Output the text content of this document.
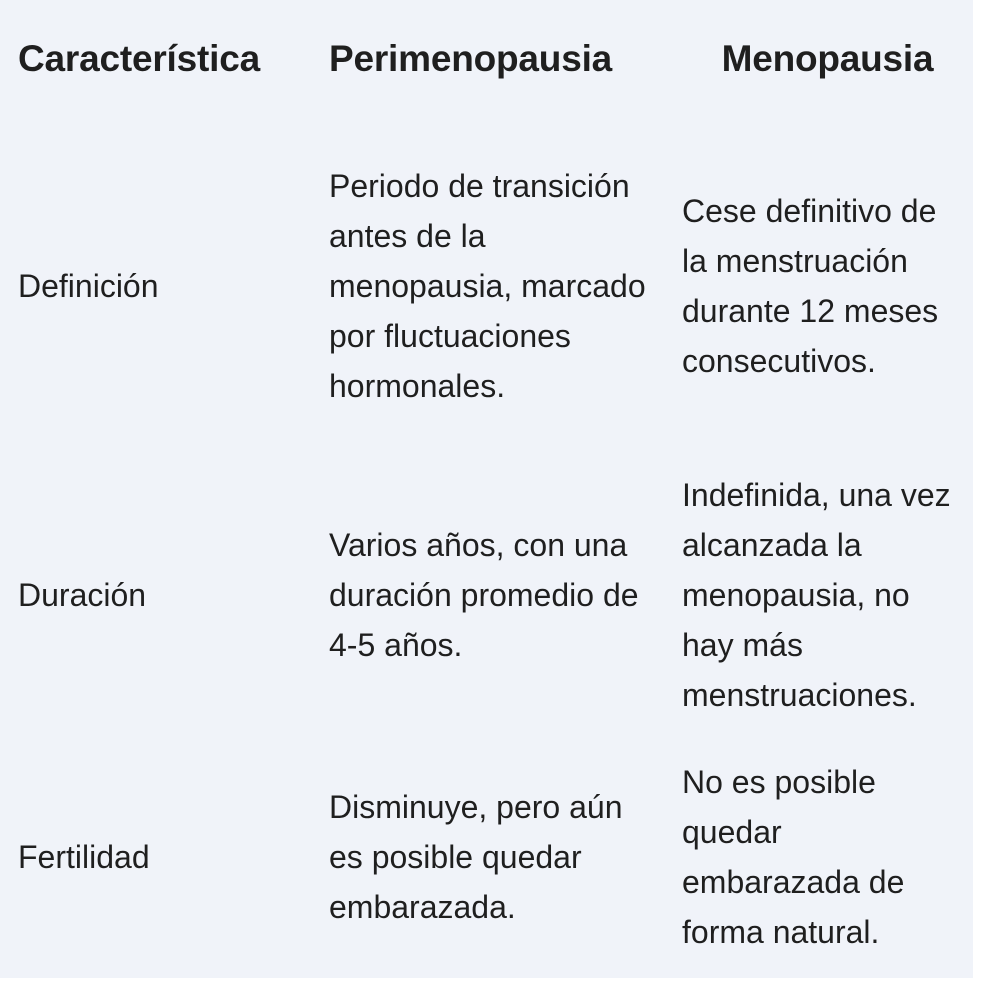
Característica	Perimenopausia	Menopausia
Definición	Periodo de transición antes de la menopausia, marcado por fluctuaciones hormonales.	Cese definitivo de la menstruación durante 12 meses consecutivos.
Duración	Varios años, con una duración promedio de 4-5 años.	Indefinida, una vez alcanzada la menopausia, no hay más menstruaciones.
Fertilidad	Disminuye, pero aún es posible quedar embarazada.	No es posible quedar embarazada de forma natural.
